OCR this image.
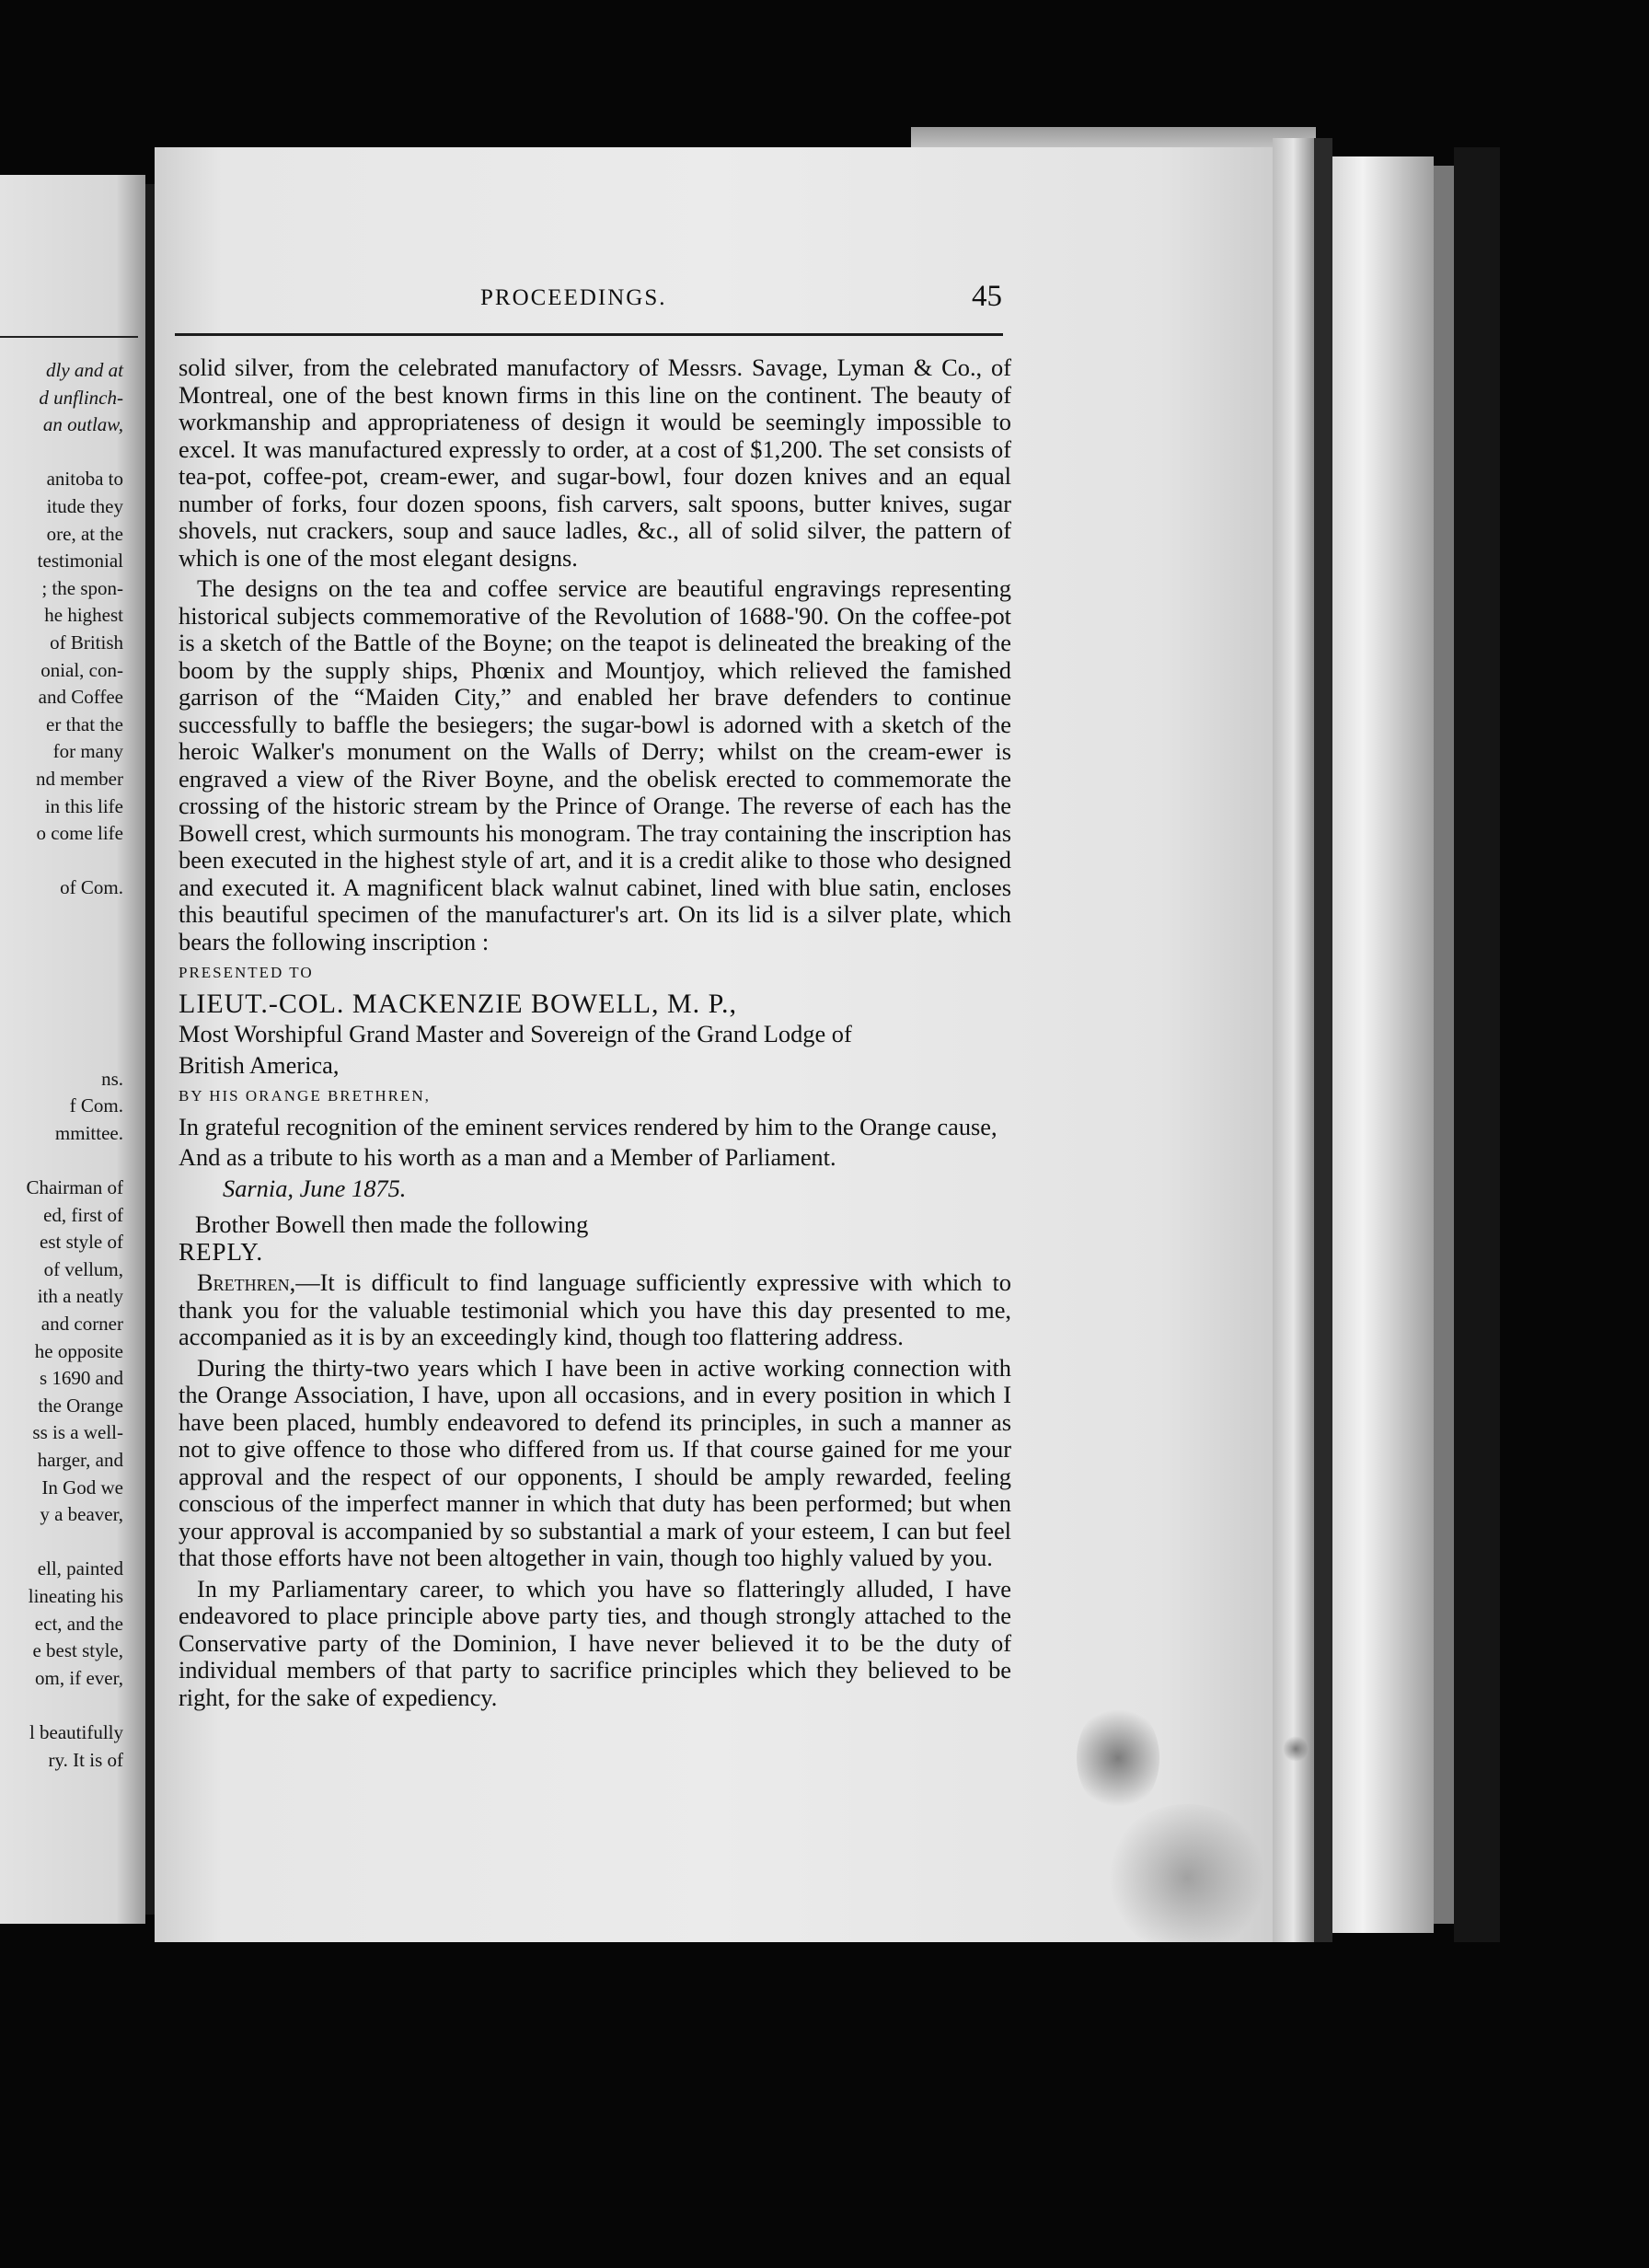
dly and at
d unflinch-
an outlaw,
anitoba to
itude they
ore, at the
testimonial
; the spon-
he highest
of British
onial, con-
and Coffee
er that the
for many
nd member
in this life
o come life
of Com.
ns.
f Com.
mmittee.
Chairman of
ed, first of
est style of
of vellum,
ith a neatly
and corner
he opposite
s 1690 and
the Orange
ss is a well-
harger, and
In God we
y a beaver,
ell, painted
lineating his
ect, and the
e best style,
om, if ever,
l beautifully
ry. It is of
PROCEEDINGS.	45

solid silver, from the celebrated manufactory of Messrs. Savage, Lyman & Co., of Montreal, one of the best known firms in this line on the continent. The beauty of workmanship and appropriateness of design it would be seemingly impossible to excel. It was manufactured expressly to order, at a cost of $1,200. The set consists of tea-pot, coffee-pot, cream-ewer, and sugar-bowl, four dozen knives and an equal number of forks, four dozen spoons, fish carvers, salt spoons, butter knives, sugar shovels, nut crackers, soup and sauce ladles, &c., all of solid silver, the pattern of which is one of the most elegant designs.

The designs on the tea and coffee service are beautiful engravings representing historical subjects commemorative of the Revolution of 1688-'90. On the coffee-pot is a sketch of the Battle of the Boyne; on the teapot is delineated the breaking of the boom by the supply ships, Phœnix and Mountjoy, which relieved the famished garrison of the “Maiden City,” and enabled her brave defenders to continue successfully to baffle the besiegers; the sugar-bowl is adorned with a sketch of the heroic Walker's monument on the Walls of Derry; whilst on the cream-ewer is engraved a view of the River Boyne, and the obelisk erected to commemorate the crossing of the historic stream by the Prince of Orange. The reverse of each has the Bowell crest, which surmounts his monogram. The tray containing the inscription has been executed in the highest style of art, and it is a credit alike to those who designed and executed it. A magnificent black walnut cabinet, lined with blue satin, encloses this beautiful specimen of the manufacturer's art. On its lid is a silver plate, which bears the following inscription :

PRESENTED TO

LIEUT.-COL. MACKENZIE BOWELL, M. P.,

Most Worshipful Grand Master and Sovereign of the Grand Lodge of

British America,

BY HIS ORANGE BRETHREN,

In grateful recognition of the eminent services rendered by him to the Orange cause,

And as a tribute to his worth as a man and a Member of Parliament.

Sarnia, June 1875.

Brother Bowell then made the following

REPLY.

Brethren,—It is difficult to find language sufficiently expressive with which to thank you for the valuable testimonial which you have this day presented to me, accompanied as it is by an exceedingly kind, though too flattering address.

During the thirty-two years which I have been in active working connection with the Orange Association, I have, upon all occasions, and in every position in which I have been placed, humbly endeavored to defend its principles, in such a manner as not to give offence to those who differed from us. If that course gained for me your approval and the respect of our opponents, I should be amply rewarded, feeling conscious of the imperfect manner in which that duty has been performed; but when your approval is accompanied by so substantial a mark of your esteem, I can but feel that those efforts have not been altogether in vain, though too highly valued by you.

In my Parliamentary career, to which you have so flatteringly alluded, I have endeavored to place principle above party ties, and though strongly attached to the Conservative party of the Dominion, I have never believed it to be the duty of individual members of that party to sacrifice principles which they believed to be right, for the sake of expediency.
